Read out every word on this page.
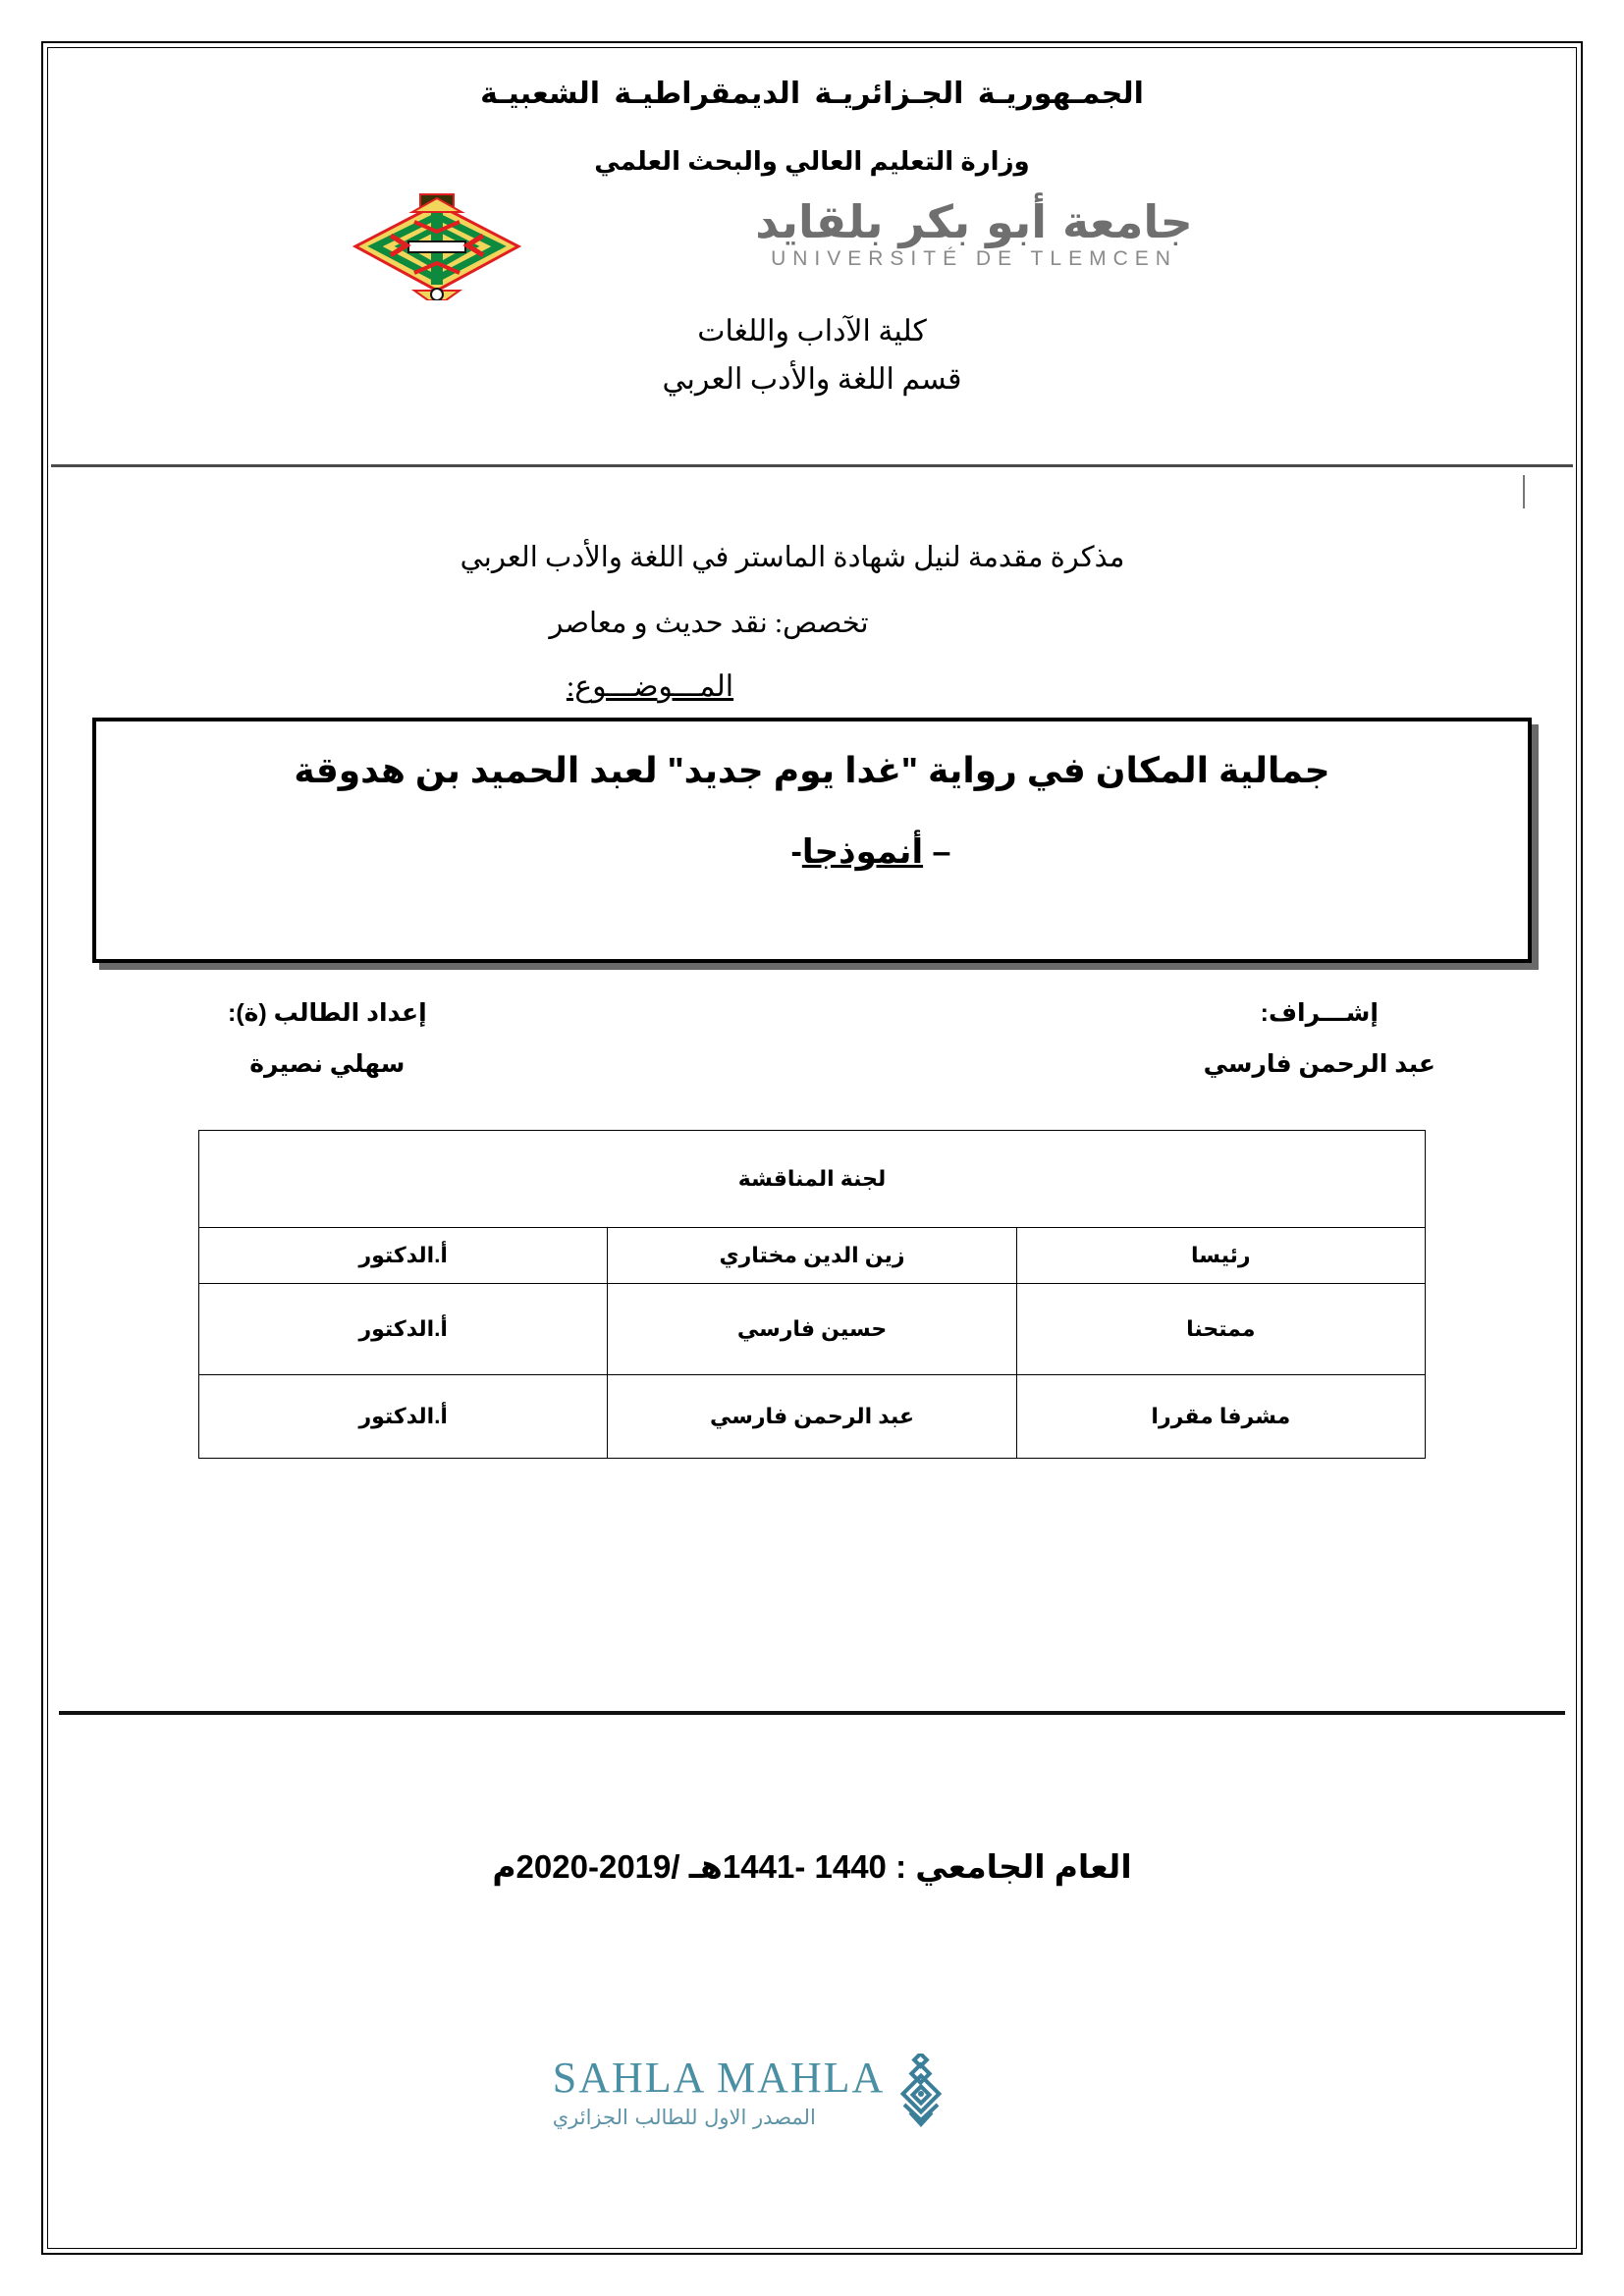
الجمـهوريـة الجـزائريـة الديمقراطيـة الشعبيـة
وزارة التعليم العالي والبحث العلمي
جامعة أبو بكر بلقايد
UNIVERSITÉ DE TLEMCEN
كلية الآداب واللغات
قسم اللغة والأدب العربي
مذكرة مقدمة لنيل شهادة الماستر في اللغة والأدب العربي
تخصص: نقد حديث و معاصر
المـــوضـــوع:
جمالية المكان في رواية "غدا يوم جديد" لعبد الحميد بن هدوقة
– أنموذجا-
إشـــراف:
عبد الرحمن فارسي
إعداد الطالب (ة):
سهلي نصيرة
لجنة المناقشة		
رئيسا	زين الدين مختاري	أ.الدكتور
ممتحنا	حسين فارسي	أ.الدكتور
مشرفا مقررا	عبد الرحمن فارسي	أ.الدكتور
العام الجامعي : 1440 -1441هـ /2019-2020م
SAHLA MAHLA
المصدر الاول للطالب الجزائري
